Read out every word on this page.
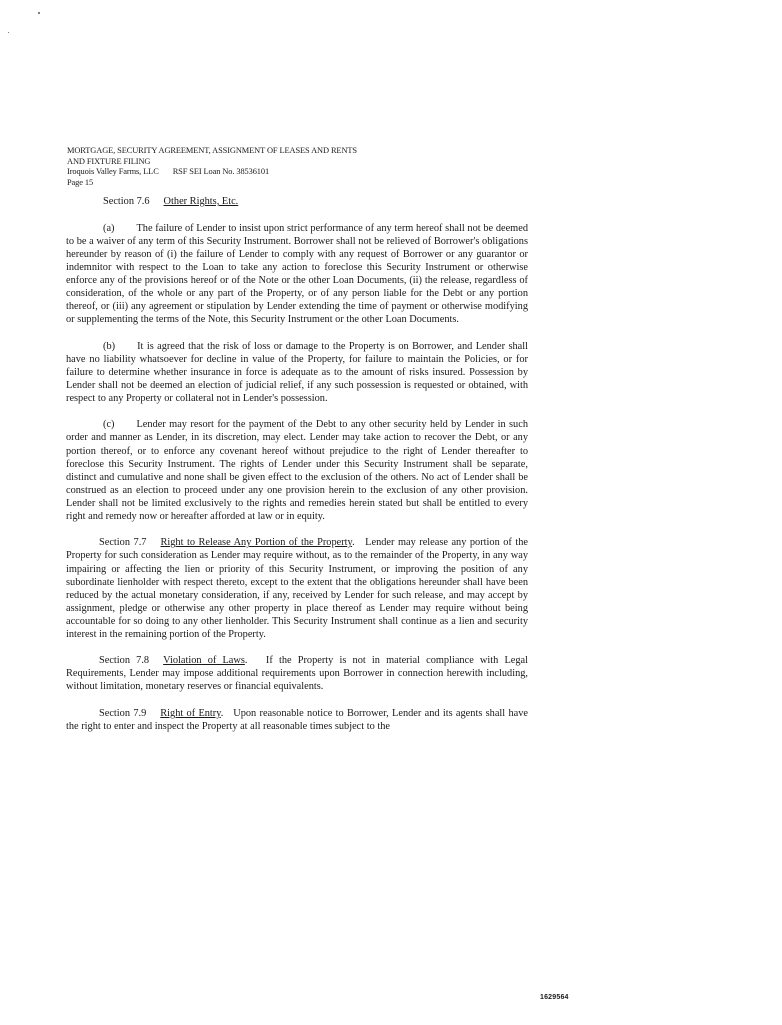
MORTGAGE, SECURITY AGREEMENT, ASSIGNMENT OF LEASES AND RENTS
AND FIXTURE FILING
Iroquois Valley Farms, LLC RSF SEI Loan No. 38536101
Page 15

Section 7.6 Other Rights, Etc.

(a) The failure of Lender to insist upon strict performance of any term hereof shall not be deemed to be a waiver of any term of this Security Instrument. Borrower shall not be relieved of Borrower's obligations hereunder by reason of (i) the failure of Lender to comply with any request of Borrower or any guarantor or indemnitor with respect to the Loan to take any action to foreclose this Security Instrument or otherwise enforce any of the provisions hereof or of the Note or the other Loan Documents, (ii) the release, regardless of consideration, of the whole or any part of the Property, or of any person liable for the Debt or any portion thereof, or (iii) any agreement or stipulation by Lender extending the time of payment or otherwise modifying or supplementing the terms of the Note, this Security Instrument or the other Loan Documents.

(b) It is agreed that the risk of loss or damage to the Property is on Borrower, and Lender shall have no liability whatsoever for decline in value of the Property, for failure to maintain the Policies, or for failure to determine whether insurance in force is adequate as to the amount of risks insured. Possession by Lender shall not be deemed an election of judicial relief, if any such possession is requested or obtained, with respect to any Property or collateral not in Lender's possession.

(c) Lender may resort for the payment of the Debt to any other security held by Lender in such order and manner as Lender, in its discretion, may elect. Lender may take action to recover the Debt, or any portion thereof, or to enforce any covenant hereof without prejudice to the right of Lender thereafter to foreclose this Security Instrument. The rights of Lender under this Security Instrument shall be separate, distinct and cumulative and none shall be given effect to the exclusion of the others. No act of Lender shall be construed as an election to proceed under any one provision herein to the exclusion of any other provision. Lender shall not be limited exclusively to the rights and remedies herein stated but shall be entitled to every right and remedy now or hereafter afforded at law or in equity.

Section 7.7 Right to Release Any Portion of the Property.   Lender may release any portion of the Property for such consideration as Lender may require without, as to the remainder of the Property, in any way impairing or affecting the lien or priority of this Security Instrument, or improving the position of any subordinate lienholder with respect thereto, except to the extent that the obligations hereunder shall have been reduced by the actual monetary consideration, if any, received by Lender for such release, and may accept by assignment, pledge or otherwise any other property in place thereof as Lender may require without being accountable for so doing to any other lienholder. This Security Instrument shall continue as a lien and security interest in the remaining portion of the Property.

Section 7.8 Violation of Laws.   If the Property is not in material compliance with Legal Requirements, Lender may impose additional requirements upon Borrower in connection herewith including, without limitation, monetary reserves or financial equivalents.

Section 7.9 Right of Entry.   Upon reasonable notice to Borrower, Lender and its agents shall have the right to enter and inspect the Property at all reasonable times subject to the

1629564
